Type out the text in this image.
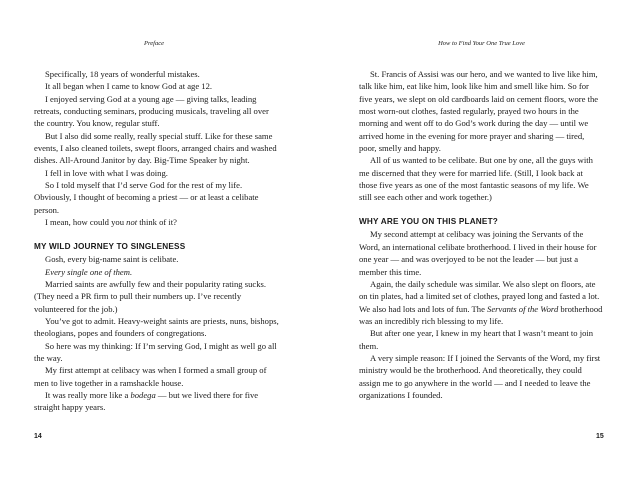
Preface

Specifically, 18 years of wonderful mistakes.

It all began when I came to know God at age 12.

I enjoyed serving God at a young age — giving talks, leading retreats, conducting seminars, producing musicals, traveling all over the country. You know, regular stuff.

But I also did some really, really special stuff. Like for these same events, I also cleaned toilets, swept floors, arranged chairs and washed dishes. All-Around Janitor by day. Big-Time Speaker by night.

I fell in love with what I was doing.

So I told myself that I’d serve God for the rest of my life. Obviously, I thought of becoming a priest — or at least a celibate person.

I mean, how could you not think of it?

MY WILD JOURNEY TO SINGLENESS

Gosh, every big-name saint is celibate.

Every single one of them.

Married saints are awfully few and their popularity rating sucks. (They need a PR firm to pull their numbers up. I’ve recently volunteered for the job.)

You’ve got to admit. Heavy-weight saints are priests, nuns, bishops, theologians, popes and founders of congregations.

So here was my thinking: If I’m serving God, I might as well go all the way.

My first attempt at celibacy was when I formed a small group of men to live together in a ramshackle house.

It was really more like a bodega — but we lived there for five straight happy years.

14
How to Find Your One True Love

St. Francis of Assisi was our hero, and we wanted to live like him, talk like him, eat like him, look like him and smell like him. So for five years, we slept on old cardboards laid on cement floors, wore the most worn-out clothes, fasted regularly, prayed two hours in the morning and went off to do God’s work during the day — until we arrived home in the evening for more prayer and sharing — tired, poor, smelly and happy.

All of us wanted to be celibate. But one by one, all the guys with me discerned that they were for married life. (Still, I look back at those five years as one of the most fantastic seasons of my life. We still see each other and work together.)

WHY ARE YOU ON THIS PLANET?

My second attempt at celibacy was joining the Servants of the Word, an international celibate brotherhood. I lived in their house for one year — and was overjoyed to be not the leader — but just a member this time.

Again, the daily schedule was similar. We also slept on floors, ate on tin plates, had a limited set of clothes, prayed long and fasted a lot. We also had lots and lots of fun. The Servants of the Word brotherhood was an incredibly rich blessing to my life.

But after one year, I knew in my heart that I wasn’t meant to join them.

A very simple reason: If I joined the Servants of the Word, my first ministry would be the brotherhood. And theoretically, they could assign me to go anywhere in the world — and I needed to leave the organizations I founded.

15
